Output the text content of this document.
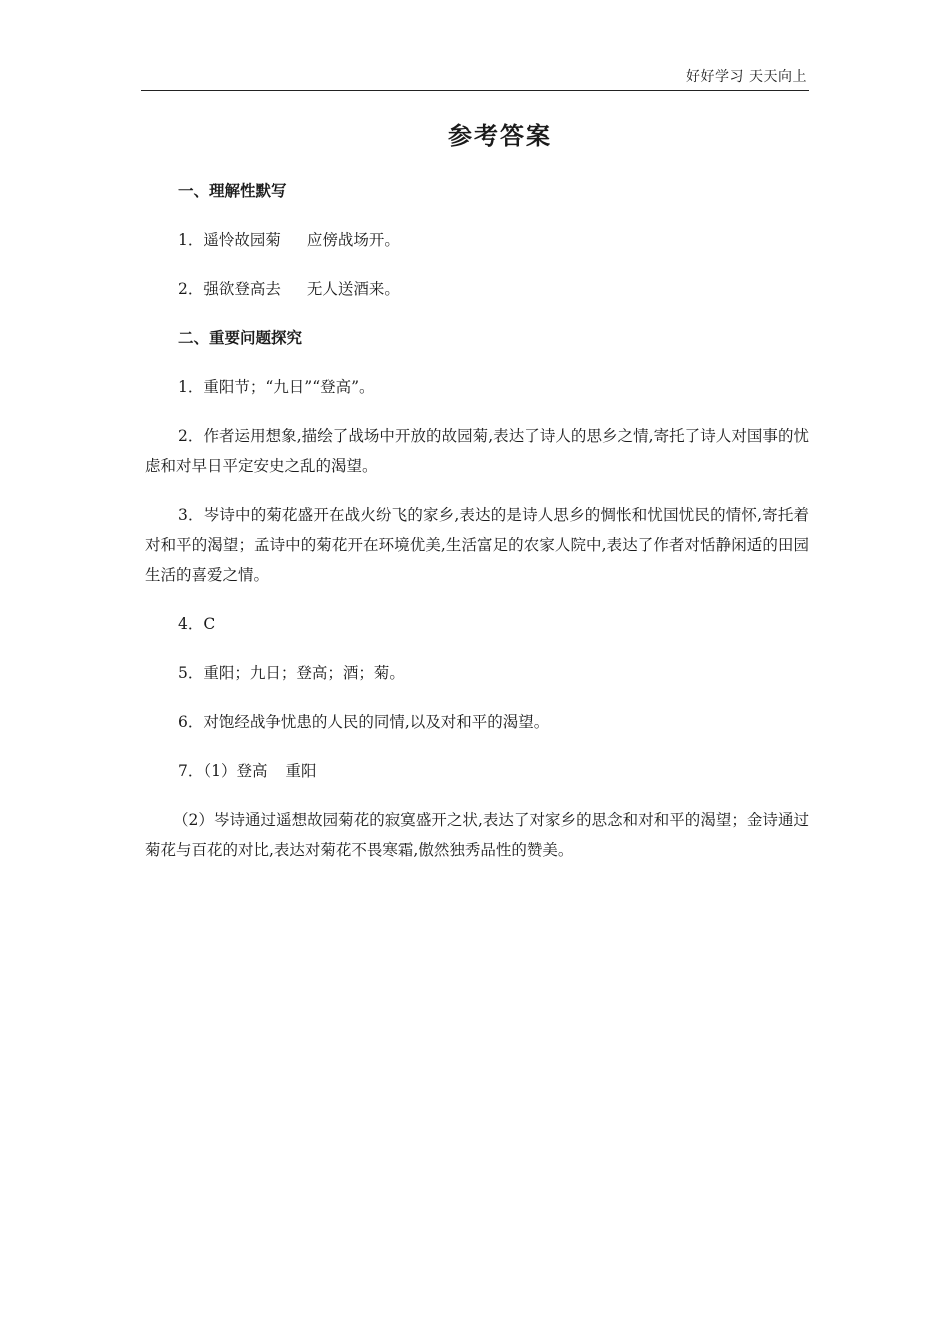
好好学习 天天向上
参考答案
一、理解性默写
1．遥怜故园菊 应傍战场开。
2．强欲登高去 无人送酒来。
二、重要问题探究
1．重阳节；“九日”“登高”。
2．作者运用想象,描绘了战场中开放的故园菊,表达了诗人的思乡之情,寄托了诗人对国事的忧虑和对早日平定安史之乱的渴望。
3．岑诗中的菊花盛开在战火纷飞的家乡,表达的是诗人思乡的惆怅和忧国忧民的情怀,寄托着对和平的渴望；孟诗中的菊花开在环境优美,生活富足的农家人院中,表达了作者对恬静闲适的田园生活的喜爱之情。
4．C
5．重阳；九日；登高；酒；菊。
6．对饱经战争忧患的人民的同情,以及对和平的渴望。
7．（1）登高 重阳
（2）岑诗通过遥想故园菊花的寂寞盛开之状,表达了对家乡的思念和对和平的渴望；金诗通过菊花与百花的对比,表达对菊花不畏寒霜,傲然独秀品性的赞美。
